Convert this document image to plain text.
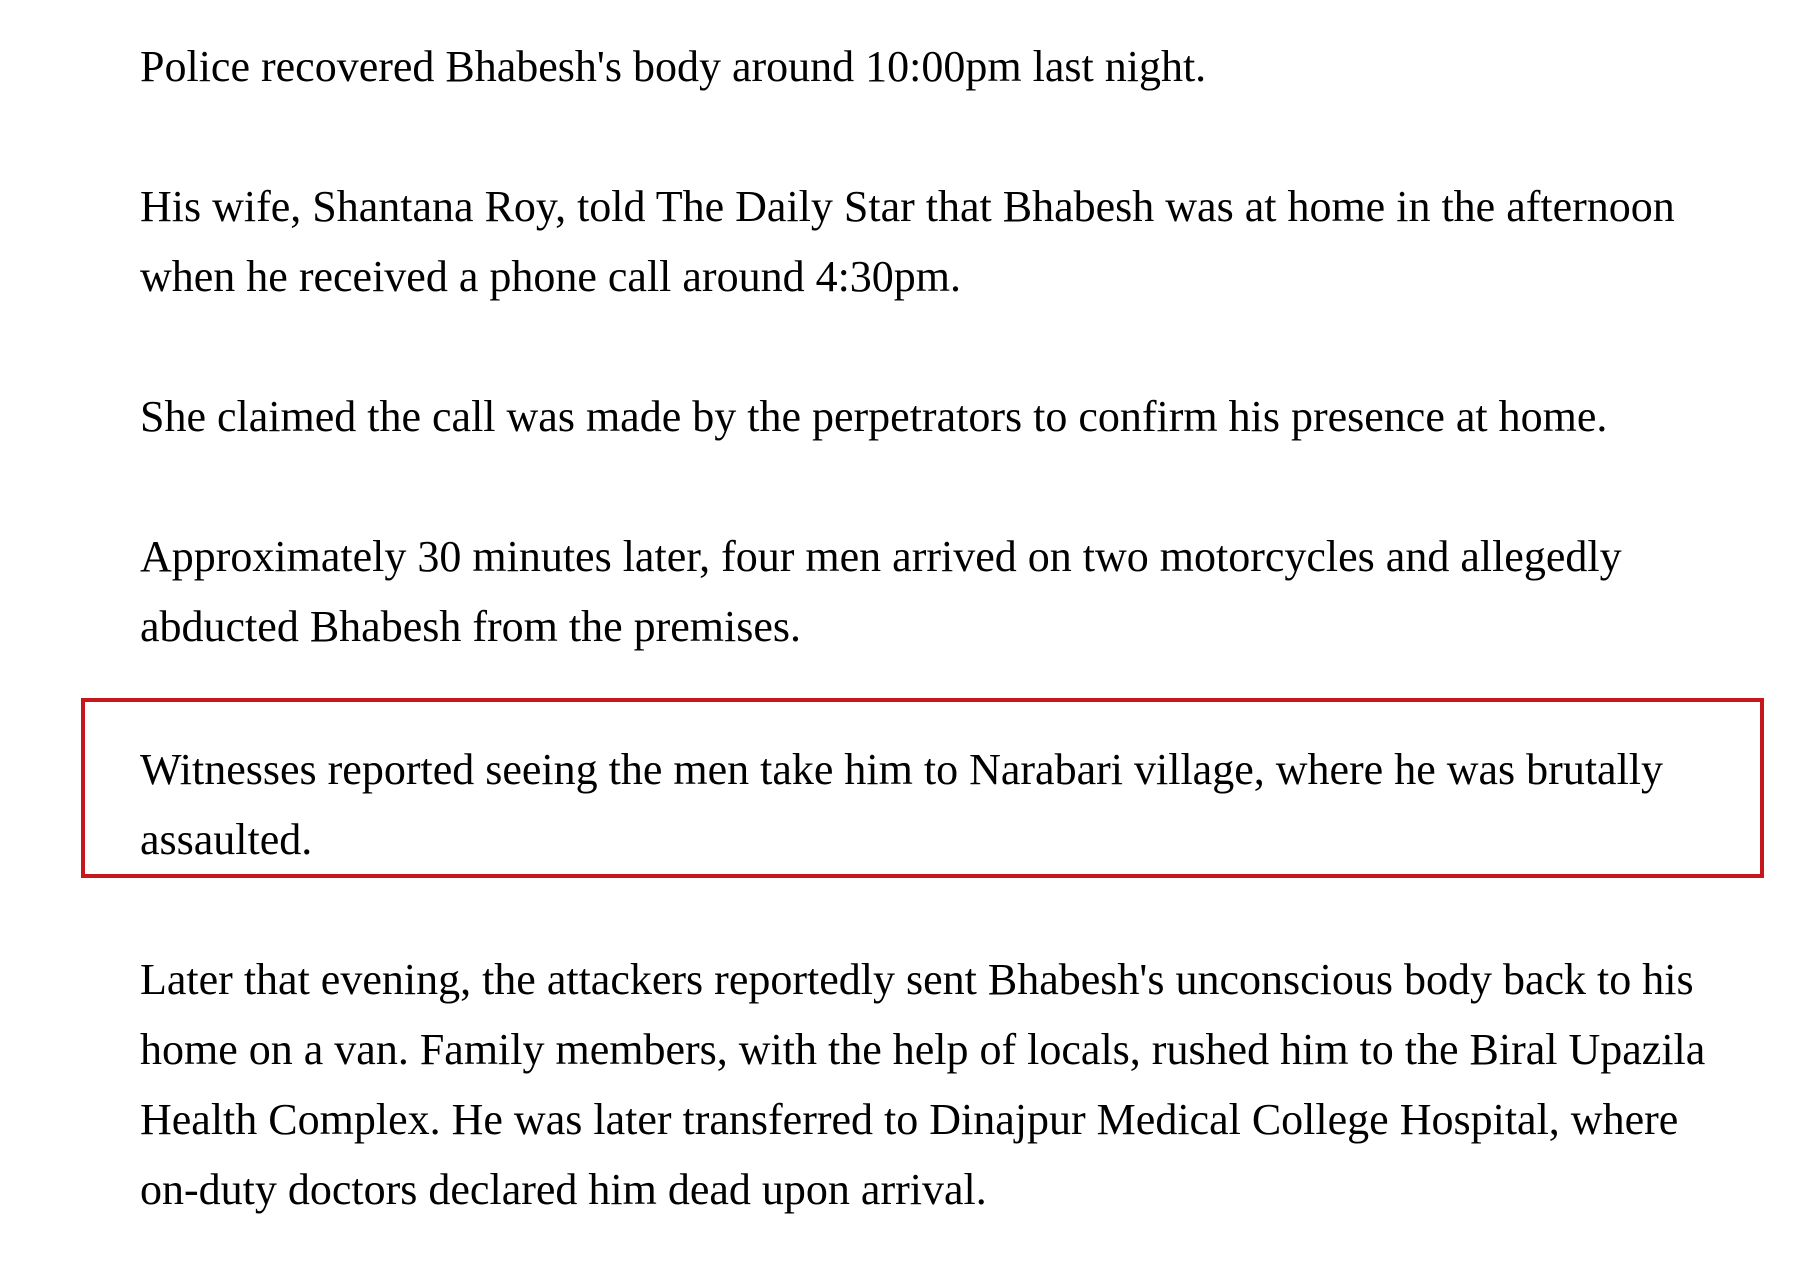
Police recovered Bhabesh's body around 10:00pm last night.

His wife, Shantana Roy, told The Daily Star that Bhabesh was at home in the afternoon
when he received a phone call around 4:30pm.

She claimed the call was made by the perpetrators to confirm his presence at home.

Approximately 30 minutes later, four men arrived on two motorcycles and allegedly
abducted Bhabesh from the premises.

Witnesses reported seeing the men take him to Narabari village, where he was brutally
assaulted.

Later that evening, the attackers reportedly sent Bhabesh's unconscious body back to his
home on a van. Family members, with the help of locals, rushed him to the Biral Upazila
Health Complex. He was later transferred to Dinajpur Medical College Hospital, where
on-duty doctors declared him dead upon arrival.
